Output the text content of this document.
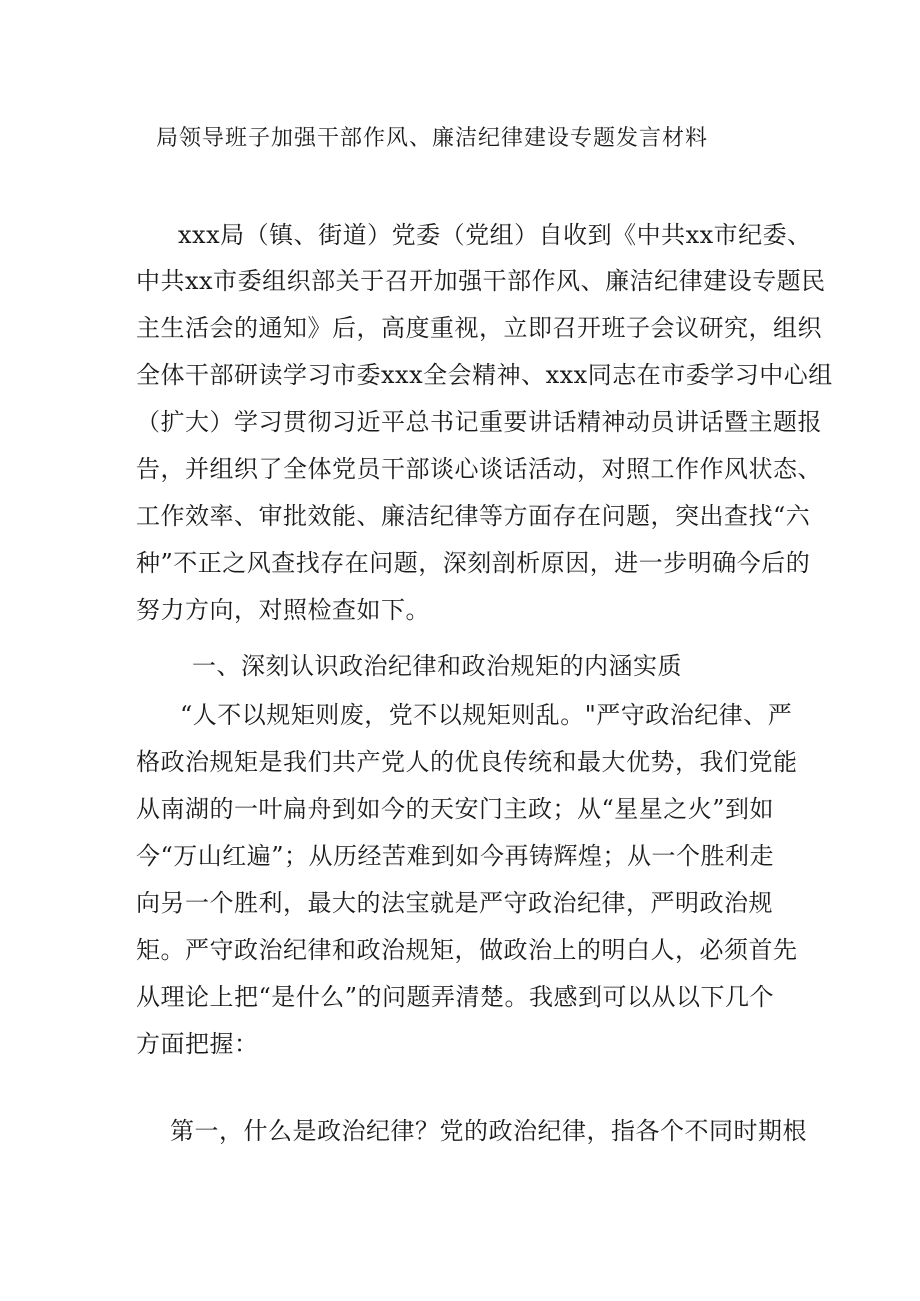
局领导班子加强干部作风、廉洁纪律建设专题发言材料
xxx局（镇、街道）党委（党组）自收到《中共xx市纪委、
中共xx市委组织部关于召开加强干部作风、廉洁纪律建设专题民
主生活会的通知》后，高度重视，立即召开班子会议研究，组织
全体干部研读学习市委xxx全会精神、xxx同志在市委学习中心组
（扩大）学习贯彻习近平总书记重要讲话精神动员讲话暨主题报
告，并组织了全体党员干部谈心谈话活动，对照工作作风状态、
工作效率、审批效能、廉洁纪律等方面存在问题，突出查找“六
种”不正之风查找存在问题，深刻剖析原因，进一步明确今后的
努力方向，对照检查如下。
一、深刻认识政治纪律和政治规矩的内涵实质
“人不以规矩则废，党不以规矩则乱。"严守政治纪律、严
格政治规矩是我们共产党人的优良传统和最大优势，我们党能
从南湖的一叶扁舟到如今的天安门主政；从“星星之火”到如
今“万山红遍”；从历经苦难到如今再铸辉煌；从一个胜利走
向另一个胜利，最大的法宝就是严守政治纪律，严明政治规
矩。严守政治纪律和政治规矩，做政治上的明白人，必须首先
从理论上把“是什么”的问题弄清楚。我感到可以从以下几个
方面把握：
第一，什么是政治纪律？党的政治纪律，指各个不同时期根
